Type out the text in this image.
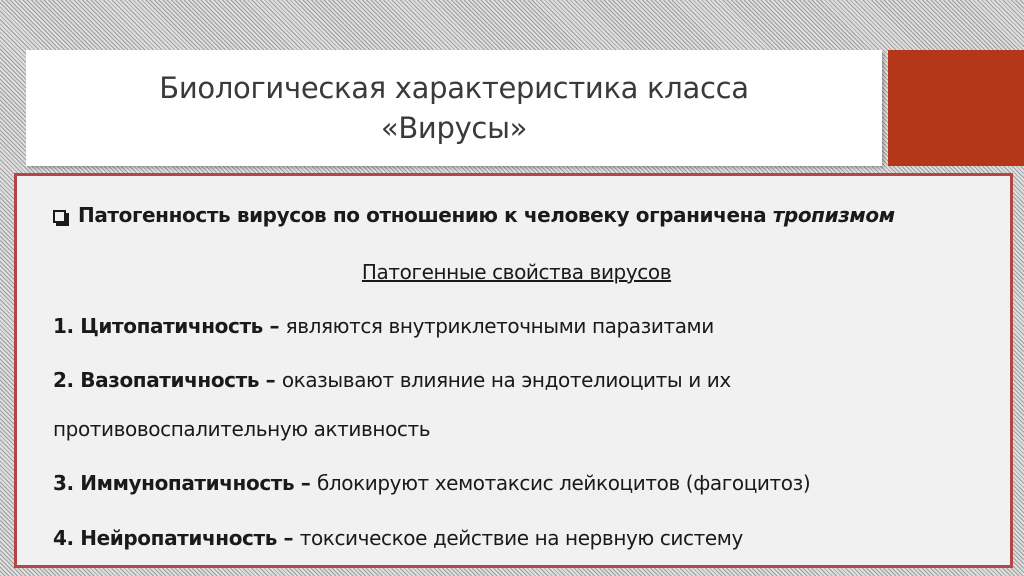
Биологическая характеристика класса
«Вирусы»
Патогенность вирусов по отношению к человеку ограничена тропизмом
Патогенные свойства вирусов
1. Цитопатичность – являются внутриклеточными паразитами
2. Вазопатичность – оказывают влияние на эндотелиоциты и их
противовоспалительную активность
3. Иммунопатичность – блокируют хемотаксис лейкоцитов (фагоцитоз)
4. Нейропатичность – токсическое действие на нервную систему
